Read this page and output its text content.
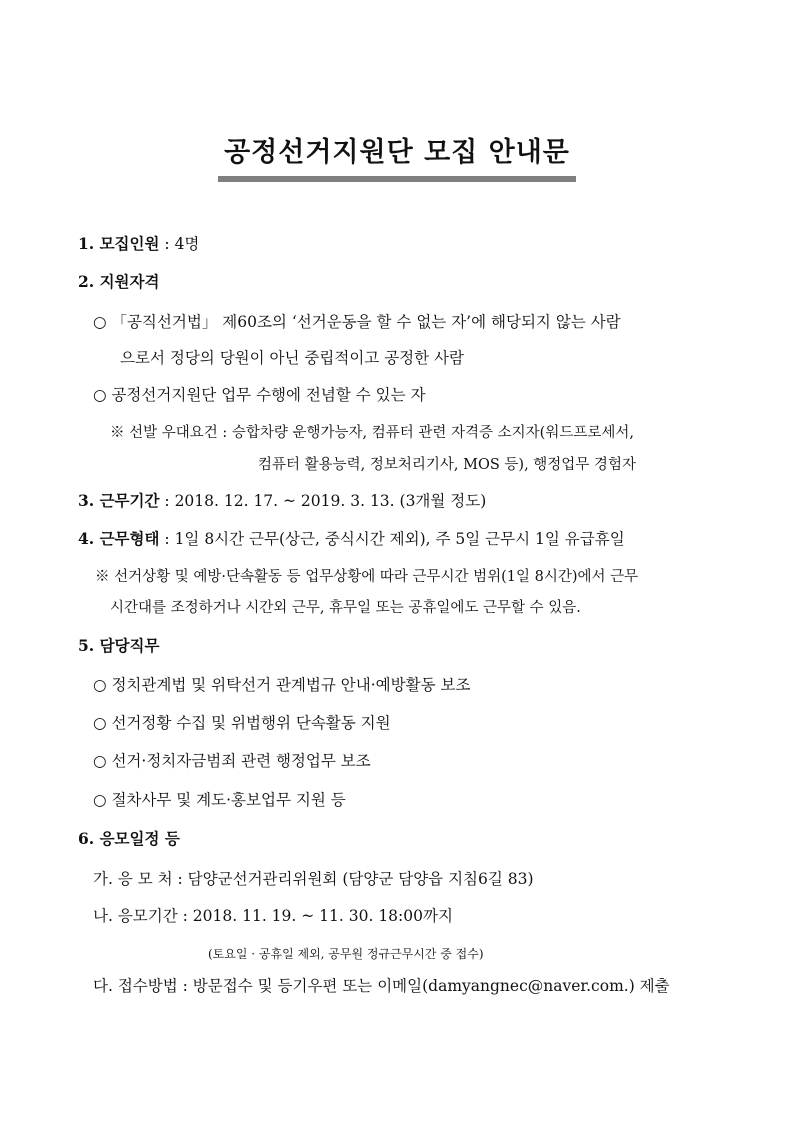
공정선거지원단 모집 안내문
1. 모집인원 : 4명
2. 지원자격
○ 「공직선거법」 제60조의 ‘선거운동을 할 수 없는 자’에 해당되지 않는 사람
으로서 정당의 당원이 아닌 중립적이고 공정한 사람
○ 공정선거지원단 업무 수행에 전념할 수 있는 자
※ 선발 우대요건 : 승합차량 운행가능자, 컴퓨터 관련 자격증 소지자(워드프로세서,
컴퓨터 활용능력, 정보처리기사, MOS 등), 행정업무 경험자
3. 근무기간 : 2018. 12. 17. ~ 2019. 3. 13. (3개월 정도)
4. 근무형태 : 1일 8시간 근무(상근, 중식시간 제외), 주 5일 근무시 1일 유급휴일
※ 선거상황 및 예방·단속활동 등 업무상황에 따라 근무시간 범위(1일 8시간)에서 근무
시간대를 조정하거나 시간외 근무, 휴무일 또는 공휴일에도 근무할 수 있음.
5. 담당직무
○ 정치관계법 및 위탁선거 관계법규 안내·예방활동 보조
○ 선거정황 수집 및 위법행위 단속활동 지원
○ 선거·정치자금범죄 관련 행정업무 보조
○ 절차사무 및 계도·홍보업무 지원 등
6. 응모일정 등
가. 응 모 처 : 담양군선거관리위원회 (담양군 담양읍 지침6길 83)
나. 응모기간 : 2018. 11. 19. ~ 11. 30. 18:00까지
(토요일 · 공휴일 제외, 공무원 정규근무시간 중 접수)
다. 접수방법 : 방문접수 및 등기우편 또는 이메일(damyangnec@naver.com.) 제출
